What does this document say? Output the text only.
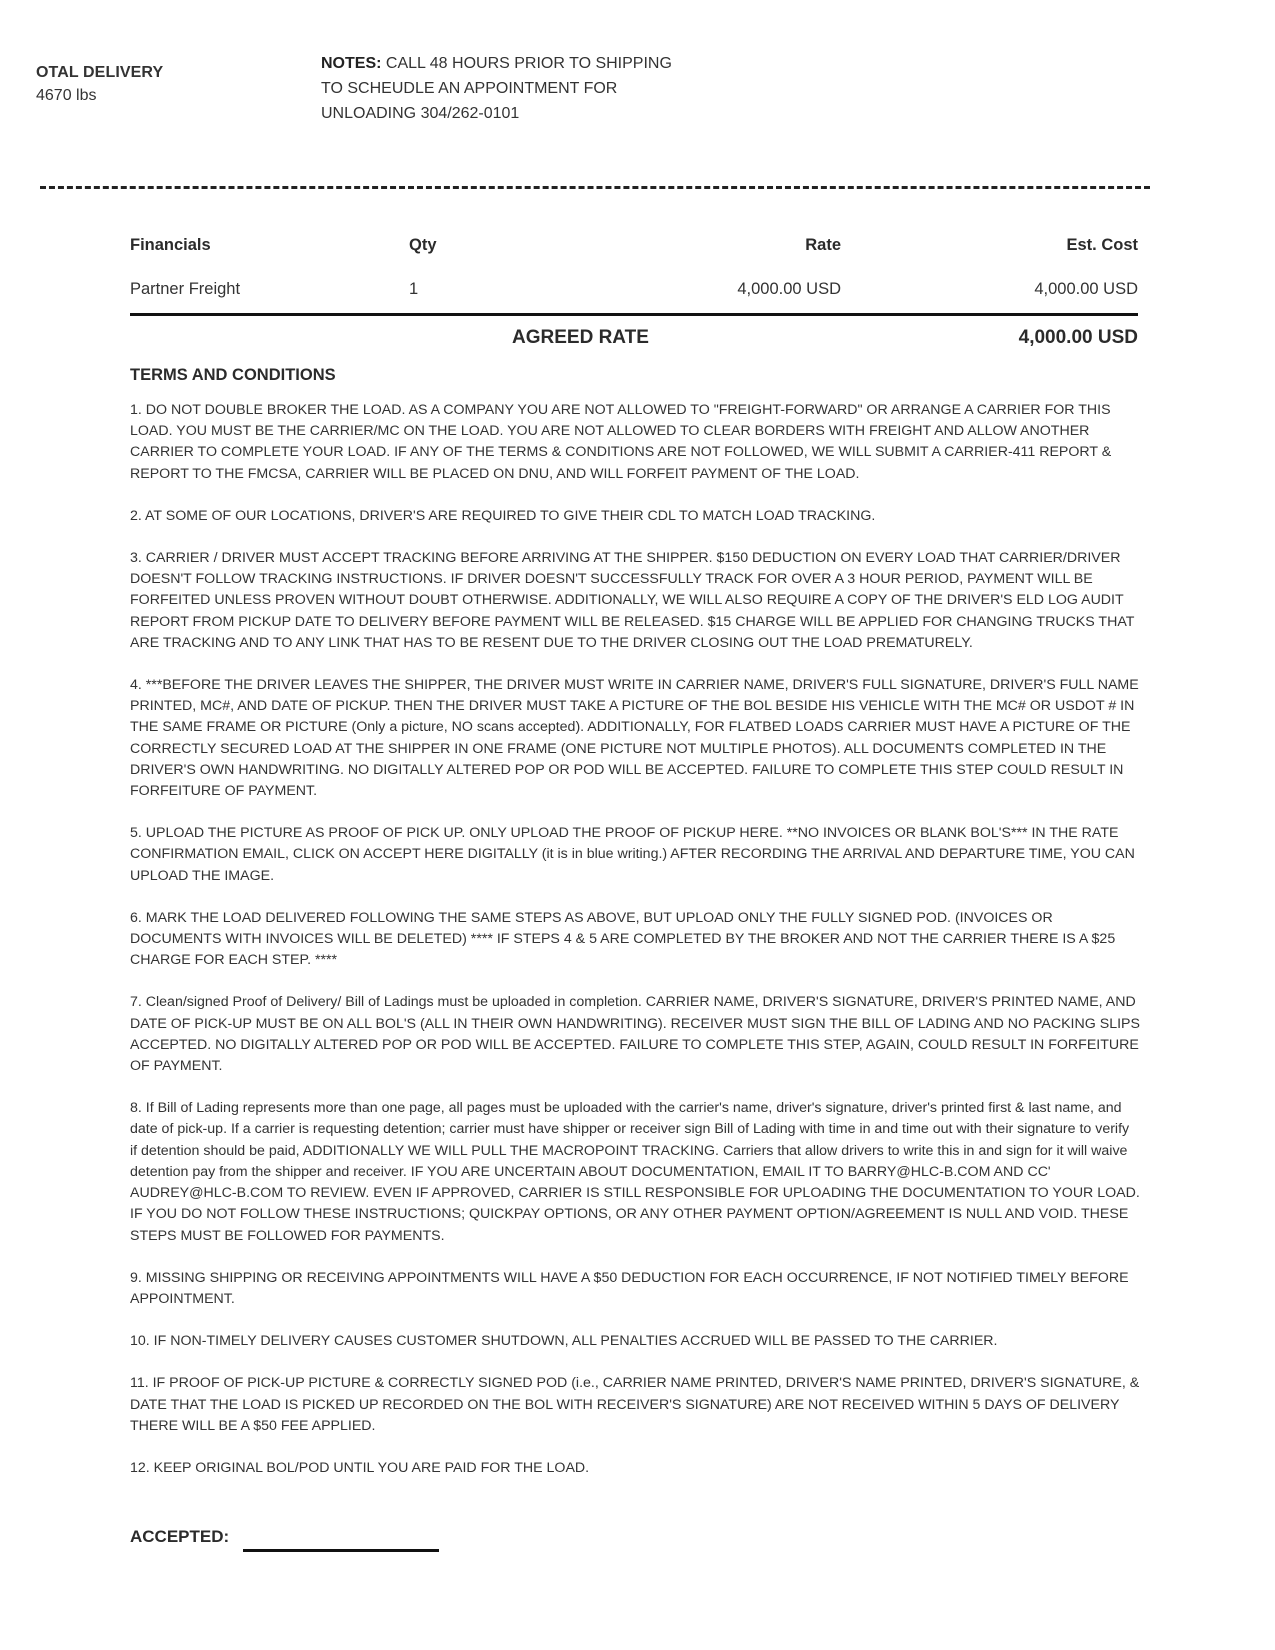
OTAL DELIVERY
4670 lbs
NOTES: CALL 48 HOURS PRIOR TO SHIPPING
TO SCHEUDLE AN APPOINTMENT FOR
UNLOADING 304/262-0101
Financials	Qty	Rate	Est. Cost
Partner Freight	1	4,000.00 USD	4,000.00 USD
AGREED RATE	4,000.00 USD
TERMS AND CONDITIONS

1. DO NOT DOUBLE BROKER THE LOAD. AS A COMPANY YOU ARE NOT ALLOWED TO "FREIGHT-FORWARD" OR ARRANGE A CARRIER FOR THIS LOAD. YOU MUST BE THE CARRIER/MC ON THE LOAD. YOU ARE NOT ALLOWED TO CLEAR BORDERS WITH FREIGHT AND ALLOW ANOTHER CARRIER TO COMPLETE YOUR LOAD. IF ANY OF THE TERMS & CONDITIONS ARE NOT FOLLOWED, WE WILL SUBMIT A CARRIER-411 REPORT & REPORT TO THE FMCSA, CARRIER WILL BE PLACED ON DNU, AND WILL FORFEIT PAYMENT OF THE LOAD.

2. AT SOME OF OUR LOCATIONS, DRIVER'S ARE REQUIRED TO GIVE THEIR CDL TO MATCH LOAD TRACKING.

3. CARRIER / DRIVER MUST ACCEPT TRACKING BEFORE ARRIVING AT THE SHIPPER. $150 DEDUCTION ON EVERY LOAD THAT CARRIER/DRIVER DOESN'T FOLLOW TRACKING INSTRUCTIONS. IF DRIVER DOESN'T SUCCESSFULLY TRACK FOR OVER A 3 HOUR PERIOD, PAYMENT WILL BE FORFEITED UNLESS PROVEN WITHOUT DOUBT OTHERWISE. ADDITIONALLY, WE WILL ALSO REQUIRE A COPY OF THE DRIVER'S ELD LOG AUDIT REPORT FROM PICKUP DATE TO DELIVERY BEFORE PAYMENT WILL BE RELEASED. $15 CHARGE WILL BE APPLIED FOR CHANGING TRUCKS THAT ARE TRACKING AND TO ANY LINK THAT HAS TO BE RESENT DUE TO THE DRIVER CLOSING OUT THE LOAD PREMATURELY.

4. ***BEFORE THE DRIVER LEAVES THE SHIPPER, THE DRIVER MUST WRITE IN CARRIER NAME, DRIVER'S FULL SIGNATURE, DRIVER'S FULL NAME PRINTED, MC#, AND DATE OF PICKUP. THEN THE DRIVER MUST TAKE A PICTURE OF THE BOL BESIDE HIS VEHICLE WITH THE MC# OR USDOT # IN THE SAME FRAME OR PICTURE (Only a picture, NO scans accepted). ADDITIONALLY, FOR FLATBED LOADS CARRIER MUST HAVE A PICTURE OF THE CORRECTLY SECURED LOAD AT THE SHIPPER IN ONE FRAME (ONE PICTURE NOT MULTIPLE PHOTOS). ALL DOCUMENTS COMPLETED IN THE DRIVER'S OWN HANDWRITING. NO DIGITALLY ALTERED POP OR POD WILL BE ACCEPTED. FAILURE TO COMPLETE THIS STEP COULD RESULT IN FORFEITURE OF PAYMENT.

5. UPLOAD THE PICTURE AS PROOF OF PICK UP. ONLY UPLOAD THE PROOF OF PICKUP HERE. **NO INVOICES OR BLANK BOL'S*** IN THE RATE CONFIRMATION EMAIL, CLICK ON ACCEPT HERE DIGITALLY (it is in blue writing.) AFTER RECORDING THE ARRIVAL AND DEPARTURE TIME, YOU CAN UPLOAD THE IMAGE.

6. MARK THE LOAD DELIVERED FOLLOWING THE SAME STEPS AS ABOVE, BUT UPLOAD ONLY THE FULLY SIGNED POD. (INVOICES OR DOCUMENTS WITH INVOICES WILL BE DELETED) **** IF STEPS 4 & 5 ARE COMPLETED BY THE BROKER AND NOT THE CARRIER THERE IS A $25 CHARGE FOR EACH STEP. ****

7. Clean/signed Proof of Delivery/ Bill of Ladings must be uploaded in completion. CARRIER NAME, DRIVER'S SIGNATURE, DRIVER'S PRINTED NAME, AND DATE OF PICK-UP MUST BE ON ALL BOL'S (ALL IN THEIR OWN HANDWRITING). RECEIVER MUST SIGN THE BILL OF LADING AND NO PACKING SLIPS ACCEPTED. NO DIGITALLY ALTERED POP OR POD WILL BE ACCEPTED. FAILURE TO COMPLETE THIS STEP, AGAIN, COULD RESULT IN FORFEITURE OF PAYMENT.

8. If Bill of Lading represents more than one page, all pages must be uploaded with the carrier's name, driver's signature, driver's printed first & last name, and date of pick-up. If a carrier is requesting detention; carrier must have shipper or receiver sign Bill of Lading with time in and time out with their signature to verify if detention should be paid, ADDITIONALLY WE WILL PULL THE MACROPOINT TRACKING. Carriers that allow drivers to write this in and sign for it will waive detention pay from the shipper and receiver. IF YOU ARE UNCERTAIN ABOUT DOCUMENTATION, EMAIL IT TO BARRY@HLC-B.COM AND CC' AUDREY@HLC-B.COM TO REVIEW. EVEN IF APPROVED, CARRIER IS STILL RESPONSIBLE FOR UPLOADING THE DOCUMENTATION TO YOUR LOAD. IF YOU DO NOT FOLLOW THESE INSTRUCTIONS; QUICKPAY OPTIONS, OR ANY OTHER PAYMENT OPTION/AGREEMENT IS NULL AND VOID. THESE STEPS MUST BE FOLLOWED FOR PAYMENTS.

9. MISSING SHIPPING OR RECEIVING APPOINTMENTS WILL HAVE A $50 DEDUCTION FOR EACH OCCURRENCE, IF NOT NOTIFIED TIMELY BEFORE APPOINTMENT.

10. IF NON-TIMELY DELIVERY CAUSES CUSTOMER SHUTDOWN, ALL PENALTIES ACCRUED WILL BE PASSED TO THE CARRIER.

11. IF PROOF OF PICK-UP PICTURE & CORRECTLY SIGNED POD (i.e., CARRIER NAME PRINTED, DRIVER'S NAME PRINTED, DRIVER'S SIGNATURE, & DATE THAT THE LOAD IS PICKED UP RECORDED ON THE BOL WITH RECEIVER'S SIGNATURE) ARE NOT RECEIVED WITHIN 5 DAYS OF DELIVERY THERE WILL BE A $50 FEE APPLIED.

12. KEEP ORIGINAL BOL/POD UNTIL YOU ARE PAID FOR THE LOAD.

ACCEPTED:
